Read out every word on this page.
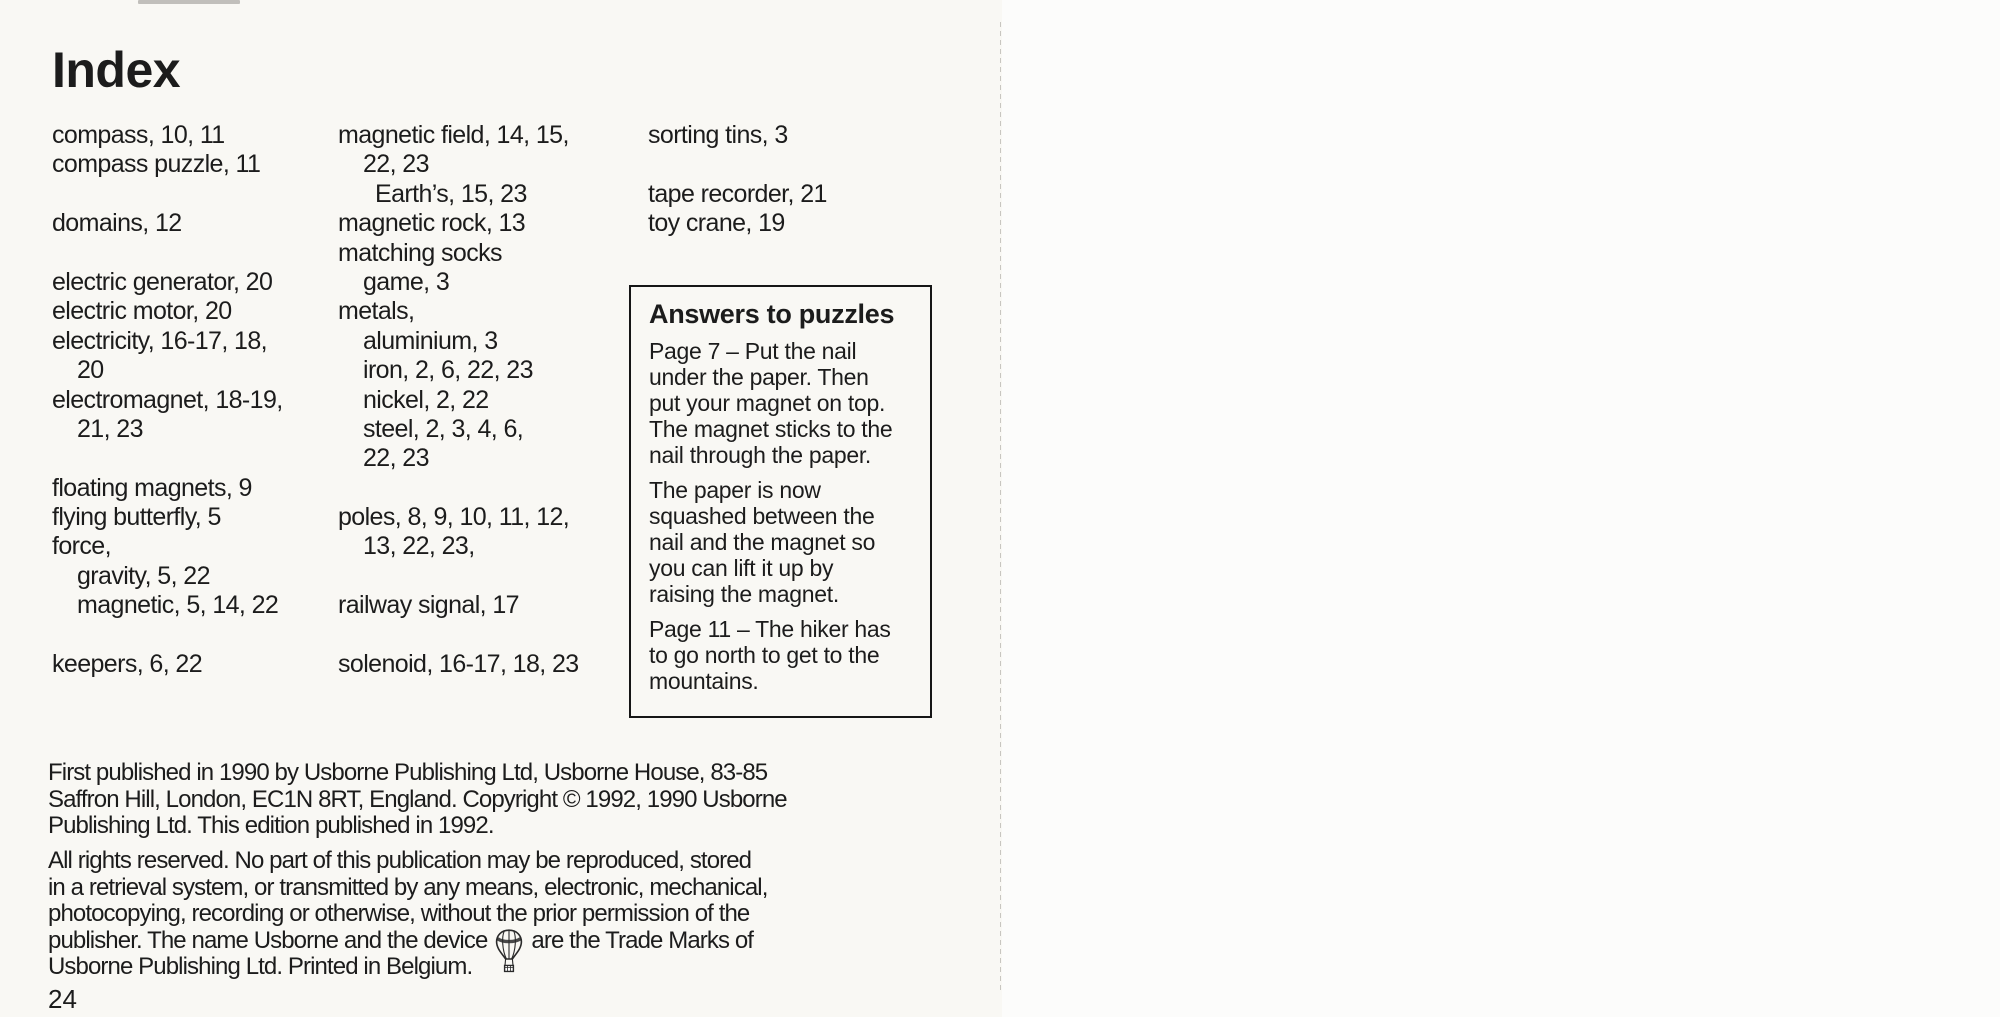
Index
compass, 10, 11
compass puzzle, 11
domains, 12
electric generator, 20
electric motor, 20
electricity, 16-17, 18,
20
electromagnet, 18-19,
21, 23
floating magnets, 9
flying butterfly, 5
force,
gravity, 5, 22
magnetic, 5, 14, 22
keepers, 6, 22
magnetic field, 14, 15,
22, 23
Earth’s, 15, 23
magnetic rock, 13
matching socks
game, 3
metals,
aluminium, 3
iron, 2, 6, 22, 23
nickel, 2, 22
steel, 2, 3, 4, 6,
22, 23
poles, 8, 9, 10, 11, 12,
13, 22, 23,
railway signal, 17
solenoid, 16-17, 18, 23
sorting tins, 3
tape recorder, 21
toy crane, 19
Answers to puzzles
Page 7 – Put the nail
under the paper. Then
put your magnet on top.
The magnet sticks to the
nail through the paper.
The paper is now
squashed between the
nail and the magnet so
you can lift it up by
raising the magnet.
Page 11 – The hiker has
to go north to get to the
mountains.
First published in 1990 by Usborne Publishing Ltd, Usborne House, 83-85
Saffron Hill, London, EC1N 8RT, England. Copyright © 1992, 1990 Usborne
Publishing Ltd. This edition published in 1992.
All rights reserved. No part of this publication may be reproduced, stored
in a retrieval system, or transmitted by any means, electronic, mechanical,
photocopying, recording or otherwise, without the prior permission of the
publisher. The name Usborne and the device are the Trade Marks of
Usborne Publishing Ltd. Printed in Belgium.
24
